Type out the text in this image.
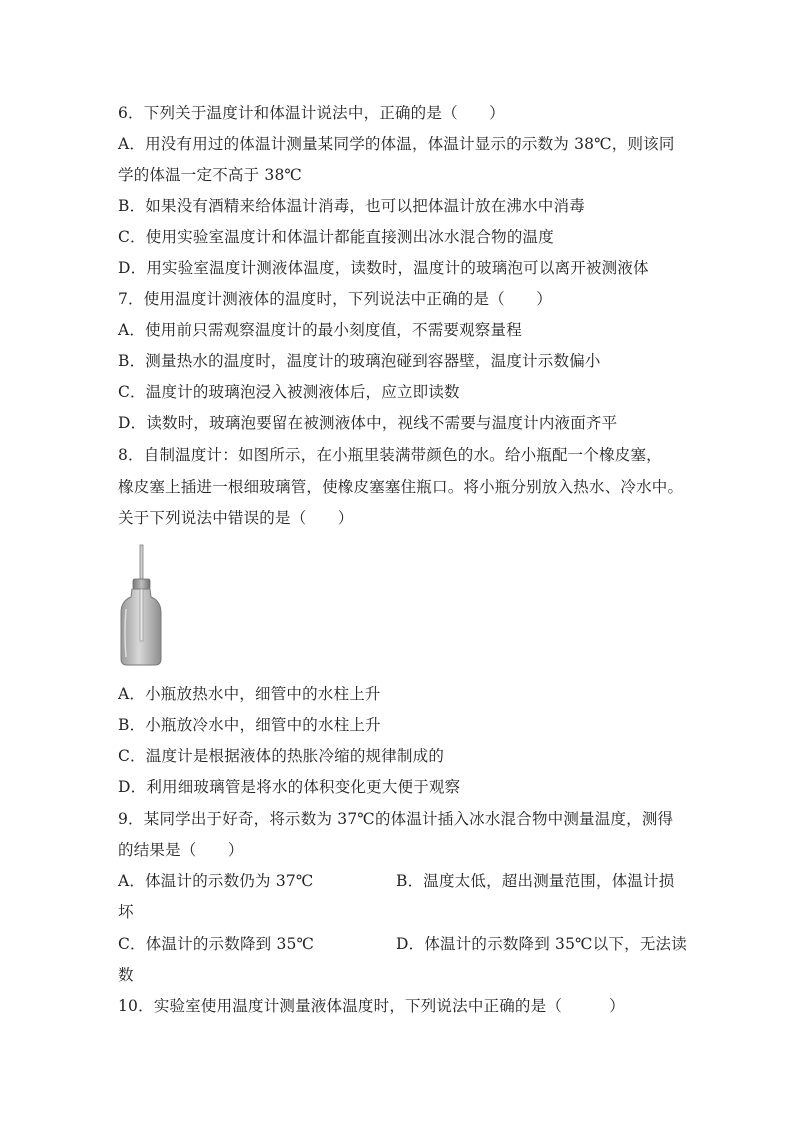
6．下列关于温度计和体温计说法中，正确的是（　　）
A．用没有用过的体温计测量某同学的体温，体温计显示的示数为 38℃，则该同
学的体温一定不高于 38℃
B．如果没有酒精来给体温计消毒，也可以把体温计放在沸水中消毒
C．使用实验室温度计和体温计都能直接测出冰水混合物的温度
D．用实验室温度计测液体温度，读数时，温度计的玻璃泡可以离开被测液体
7．使用温度计测液体的温度时，下列说法中正确的是（　　）
A．使用前只需观察温度计的最小刻度值，不需要观察量程
B．测量热水的温度时，温度计的玻璃泡碰到容器壁，温度计示数偏小
C．温度计的玻璃泡浸入被测液体后，应立即读数
D．读数时，玻璃泡要留在被测液体中，视线不需要与温度计内液面齐平
8．自制温度计：如图所示，在小瓶里装满带颜色的水。给小瓶配一个橡皮塞，
橡皮塞上插进一根细玻璃管，使橡皮塞塞住瓶口。将小瓶分别放入热水、冷水中。
关于下列说法中错误的是（　　）
A．小瓶放热水中，细管中的水柱上升
B．小瓶放冷水中，细管中的水柱上升
C．温度计是根据液体的热胀冷缩的规律制成的
D．利用细玻璃管是将水的体积变化更大便于观察
9．某同学出于好奇，将示数为 37℃的体温计插入冰水混合物中测量温度，测得
的结果是（　　）
A．体温计的示数仍为 37℃	B．温度太低，超出测量范围，体温计损
坏
C．体温计的示数降到 35℃	D．体温计的示数降到 35℃以下，无法读
数
10．实验室使用温度计测量液体温度时，下列说法中正确的是（　　　）
